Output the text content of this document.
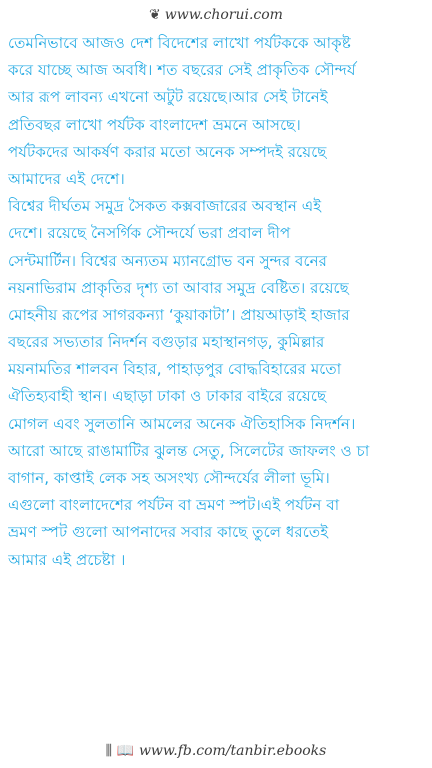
❦ www.chorui.com
তেমনিভাবে আজও দেশ বিদেশের লাখো পর্যটককে আকৃষ্ট
করে যাচ্ছে আজ অবধি। শত বছরের সেই প্রাকৃতিক সৌন্দর্য
আর রূপ লাবন্য এখনো অটুট রয়েছে।আর সেই টানেই
প্রতিবছর লাখো পর্যটক বাংলাদেশ ভ্রমনে আসছে।
পর্যটকদের আকর্ষণ করার মতো অনেক সম্পদই রয়েছে
আমাদের এই দেশে।
বিশ্বের দীর্ঘতম সমুদ্র সৈকত কক্সবাজারের অবস্থান এই
দেশে। রয়েছে নৈসর্গিক সৌন্দর্যে ভরা প্রবাল দীপ
সেন্টমার্টিন। বিশ্বের অন্যতম ম্যানগ্রোভ বন সুন্দর বনের
নয়নাভিরাম প্রাকৃতির দৃশ্য তা আবার সমুদ্র বেষ্টিত। রয়েছে
মোহনীয় রূপের সাগরকন্যা ‘কুয়াকাটা’। প্রায়আড়াই হাজার
বছরের সভ্যতার নিদর্শন বগুড়ার মহাস্থানগড়, কুমিল্লার
ময়নামতির শালবন বিহার, পাহাড়পুর বোদ্ধবিহারের মতো
ঐতিহ্যবাহী স্থান। এছাড়া ঢাকা ও ঢাকার বাইরে রয়েছে
মোগল এবং সুলতানি আমলের অনেক ঐতিহাসিক নিদর্শন।
আরো আছে রাঙামাটির ঝুলন্ত সেতু, সিলেটের জাফলং ও চা
বাগান, কাপ্তাই লেক সহ অসংখ্য সৌন্দর্যের লীলা ভূমি।
এগুলো বাংলাদেশের পর্যটন বা ভ্রমণ স্পট।এই পর্যটন বা
ভ্রমণ স্পট গুলো আপনাদের সবার কাছে তুলে ধরতেই
আমার এই প্রচেষ্টা ।
⫼ 📖 www.fb.com/tanbir.ebooks
